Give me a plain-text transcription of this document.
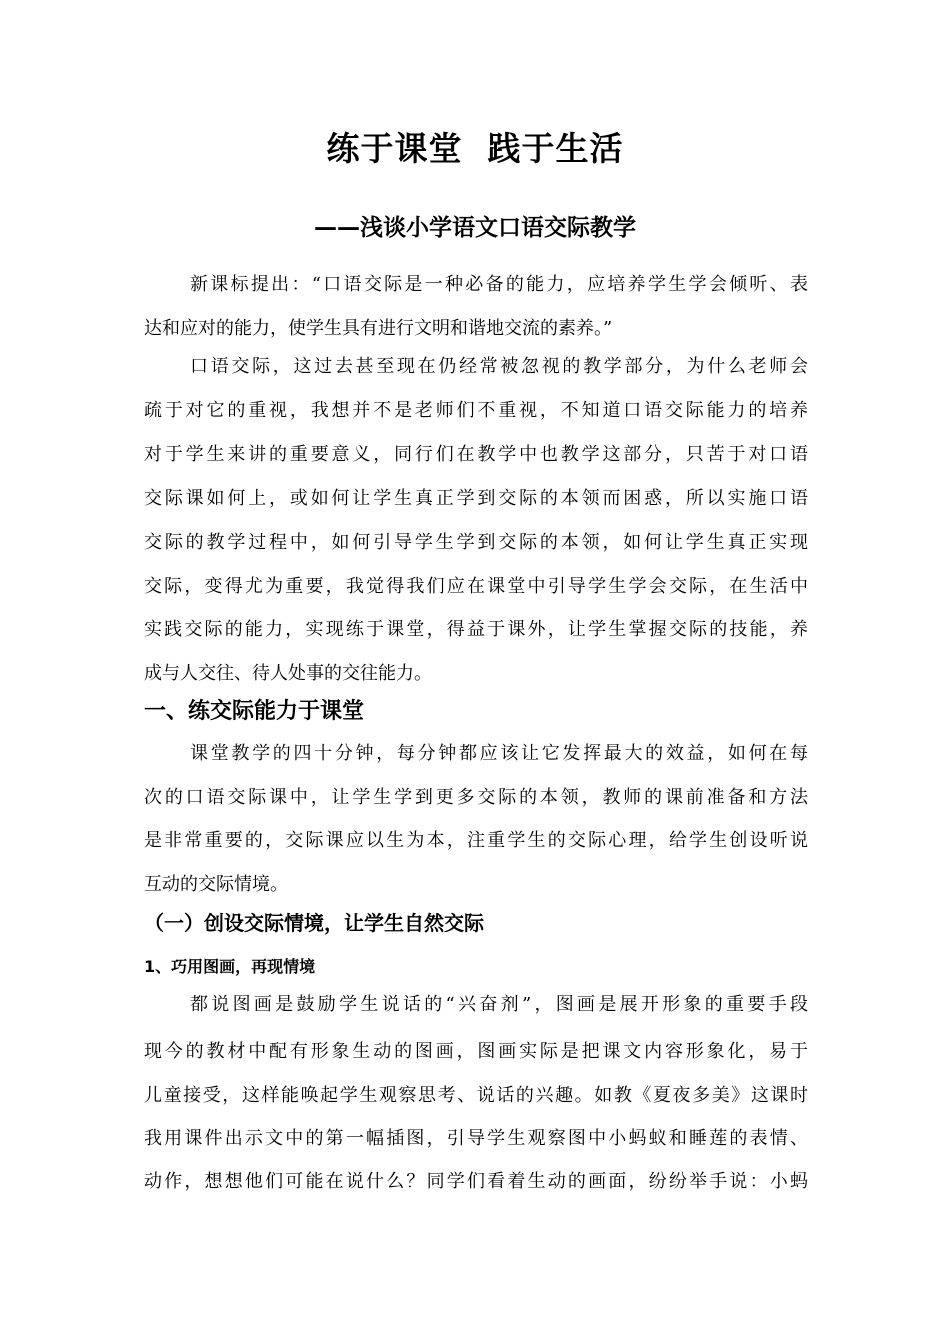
练于课堂  践于生活
——浅谈小学语文口语交际教学
新课标提出：“口语交际是一种必备的能力，应培养学生学会倾听、表
达和应对的能力，使学生具有进行文明和谐地交流的素养。”
口语交际，这过去甚至现在仍经常被忽视的教学部分，为什么老师会
疏于对它的重视，我想并不是老师们不重视，不知道口语交际能力的培养
对于学生来讲的重要意义，同行们在教学中也教学这部分，只苦于对口语
交际课如何上，或如何让学生真正学到交际的本领而困惑，所以实施口语
交际的教学过程中，如何引导学生学到交际的本领，如何让学生真正实现
交际，变得尤为重要，我觉得我们应在课堂中引导学生学会交际，在生活中
实践交际的能力，实现练于课堂，得益于课外，让学生掌握交际的技能，养
成与人交往、待人处事的交往能力。
一、练交际能力于课堂
课堂教学的四十分钟，每分钟都应该让它发挥最大的效益，如何在每
次的口语交际课中，让学生学到更多交际的本领，教师的课前准备和方法
是非常重要的，交际课应以生为本，注重学生的交际心理，给学生创设听说
互动的交际情境。
（一）创设交际情境，让学生自然交际
1、巧用图画，再现情境
都说图画是鼓励学生说话的“兴奋剂”，图画是展开形象的重要手段
现今的教材中配有形象生动的图画，图画实际是把课文内容形象化，易于
儿童接受，这样能唤起学生观察思考、说话的兴趣。如教《夏夜多美》这课时
我用课件出示文中的第一幅插图，引导学生观察图中小蚂蚁和睡莲的表情、
动作，想想他们可能在说什么？同学们看着生动的画面，纷纷举手说：小蚂
